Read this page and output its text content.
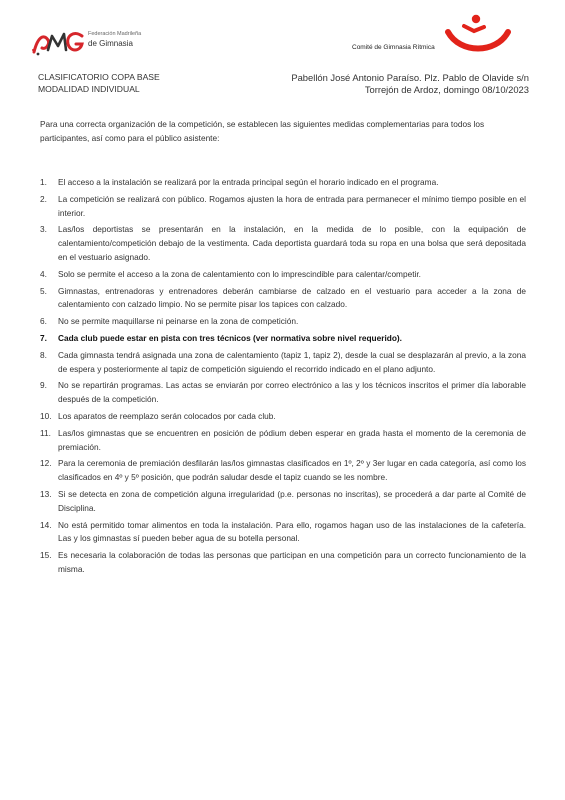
Federación Madrileña
de Gimnasia	Comité de Gimnasia Rítmica
CLASIFICATORIO COPA BASE
MODALIDAD INDIVIDUAL
Pabellón José Antonio Paraíso. Plz. Pablo de Olavide s/n
Torrejón de Ardoz, domingo 08/10/2023
Para una correcta organización de la competición, se establecen las siguientes medidas complementarias para todos los participantes, así como para el público asistente:
1. El acceso a la instalación se realizará por la entrada principal según el horario indicado en el programa.
2. La competición se realizará con público. Rogamos ajusten la hora de entrada para permanecer el mínimo tiempo posible en el interior.
3. Las/los deportistas se presentarán en la instalación, en la medida de lo posible, con la equipación de calentamiento/competición debajo de la vestimenta. Cada deportista guardará toda su ropa en una bolsa que será depositada en el vestuario asignado.
4. Solo se permite el acceso a la zona de calentamiento con lo imprescindible para calentar/competir.
5. Gimnastas, entrenadoras y entrenadores deberán cambiarse de calzado en el vestuario para acceder a la zona de calentamiento con calzado limpio. No se permite pisar los tapices con calzado.
6. No se permite maquillarse ni peinarse en la zona de competición.
7. Cada club puede estar en pista con tres técnicos (ver normativa sobre nivel requerido).
8. Cada gimnasta tendrá asignada una zona de calentamiento (tapiz 1, tapiz 2), desde la cual se desplazarán al previo, a la zona de espera y posteriormente al tapiz de competición siguiendo el recorrido indicado en el plano adjunto.
9. No se repartirán programas. Las actas se enviarán por correo electrónico a las y los técnicos inscritos el primer día laborable después de la competición.
10. Los aparatos de reemplazo serán colocados por cada club.
11. Las/los gimnastas que se encuentren en posición de pódium deben esperar en grada hasta el momento de la ceremonia de premiación.
12. Para la ceremonia de premiación desfilarán las/los gimnastas clasificados en 1º, 2º y 3er lugar en cada categoría, así como los clasificados en 4º y 5º posición, que podrán saludar desde el tapiz cuando se les nombre.
13. Si se detecta en zona de competición alguna irregularidad (p.e. personas no inscritas), se procederá a dar parte al Comité de Disciplina.
14. No está permitido tomar alimentos en toda la instalación. Para ello, rogamos hagan uso de las instalaciones de la cafetería. Las y los gimnastas sí pueden beber agua de su botella personal.
15. Es necesaria la colaboración de todas las personas que participan en una competición para un correcto funcionamiento de la misma.
